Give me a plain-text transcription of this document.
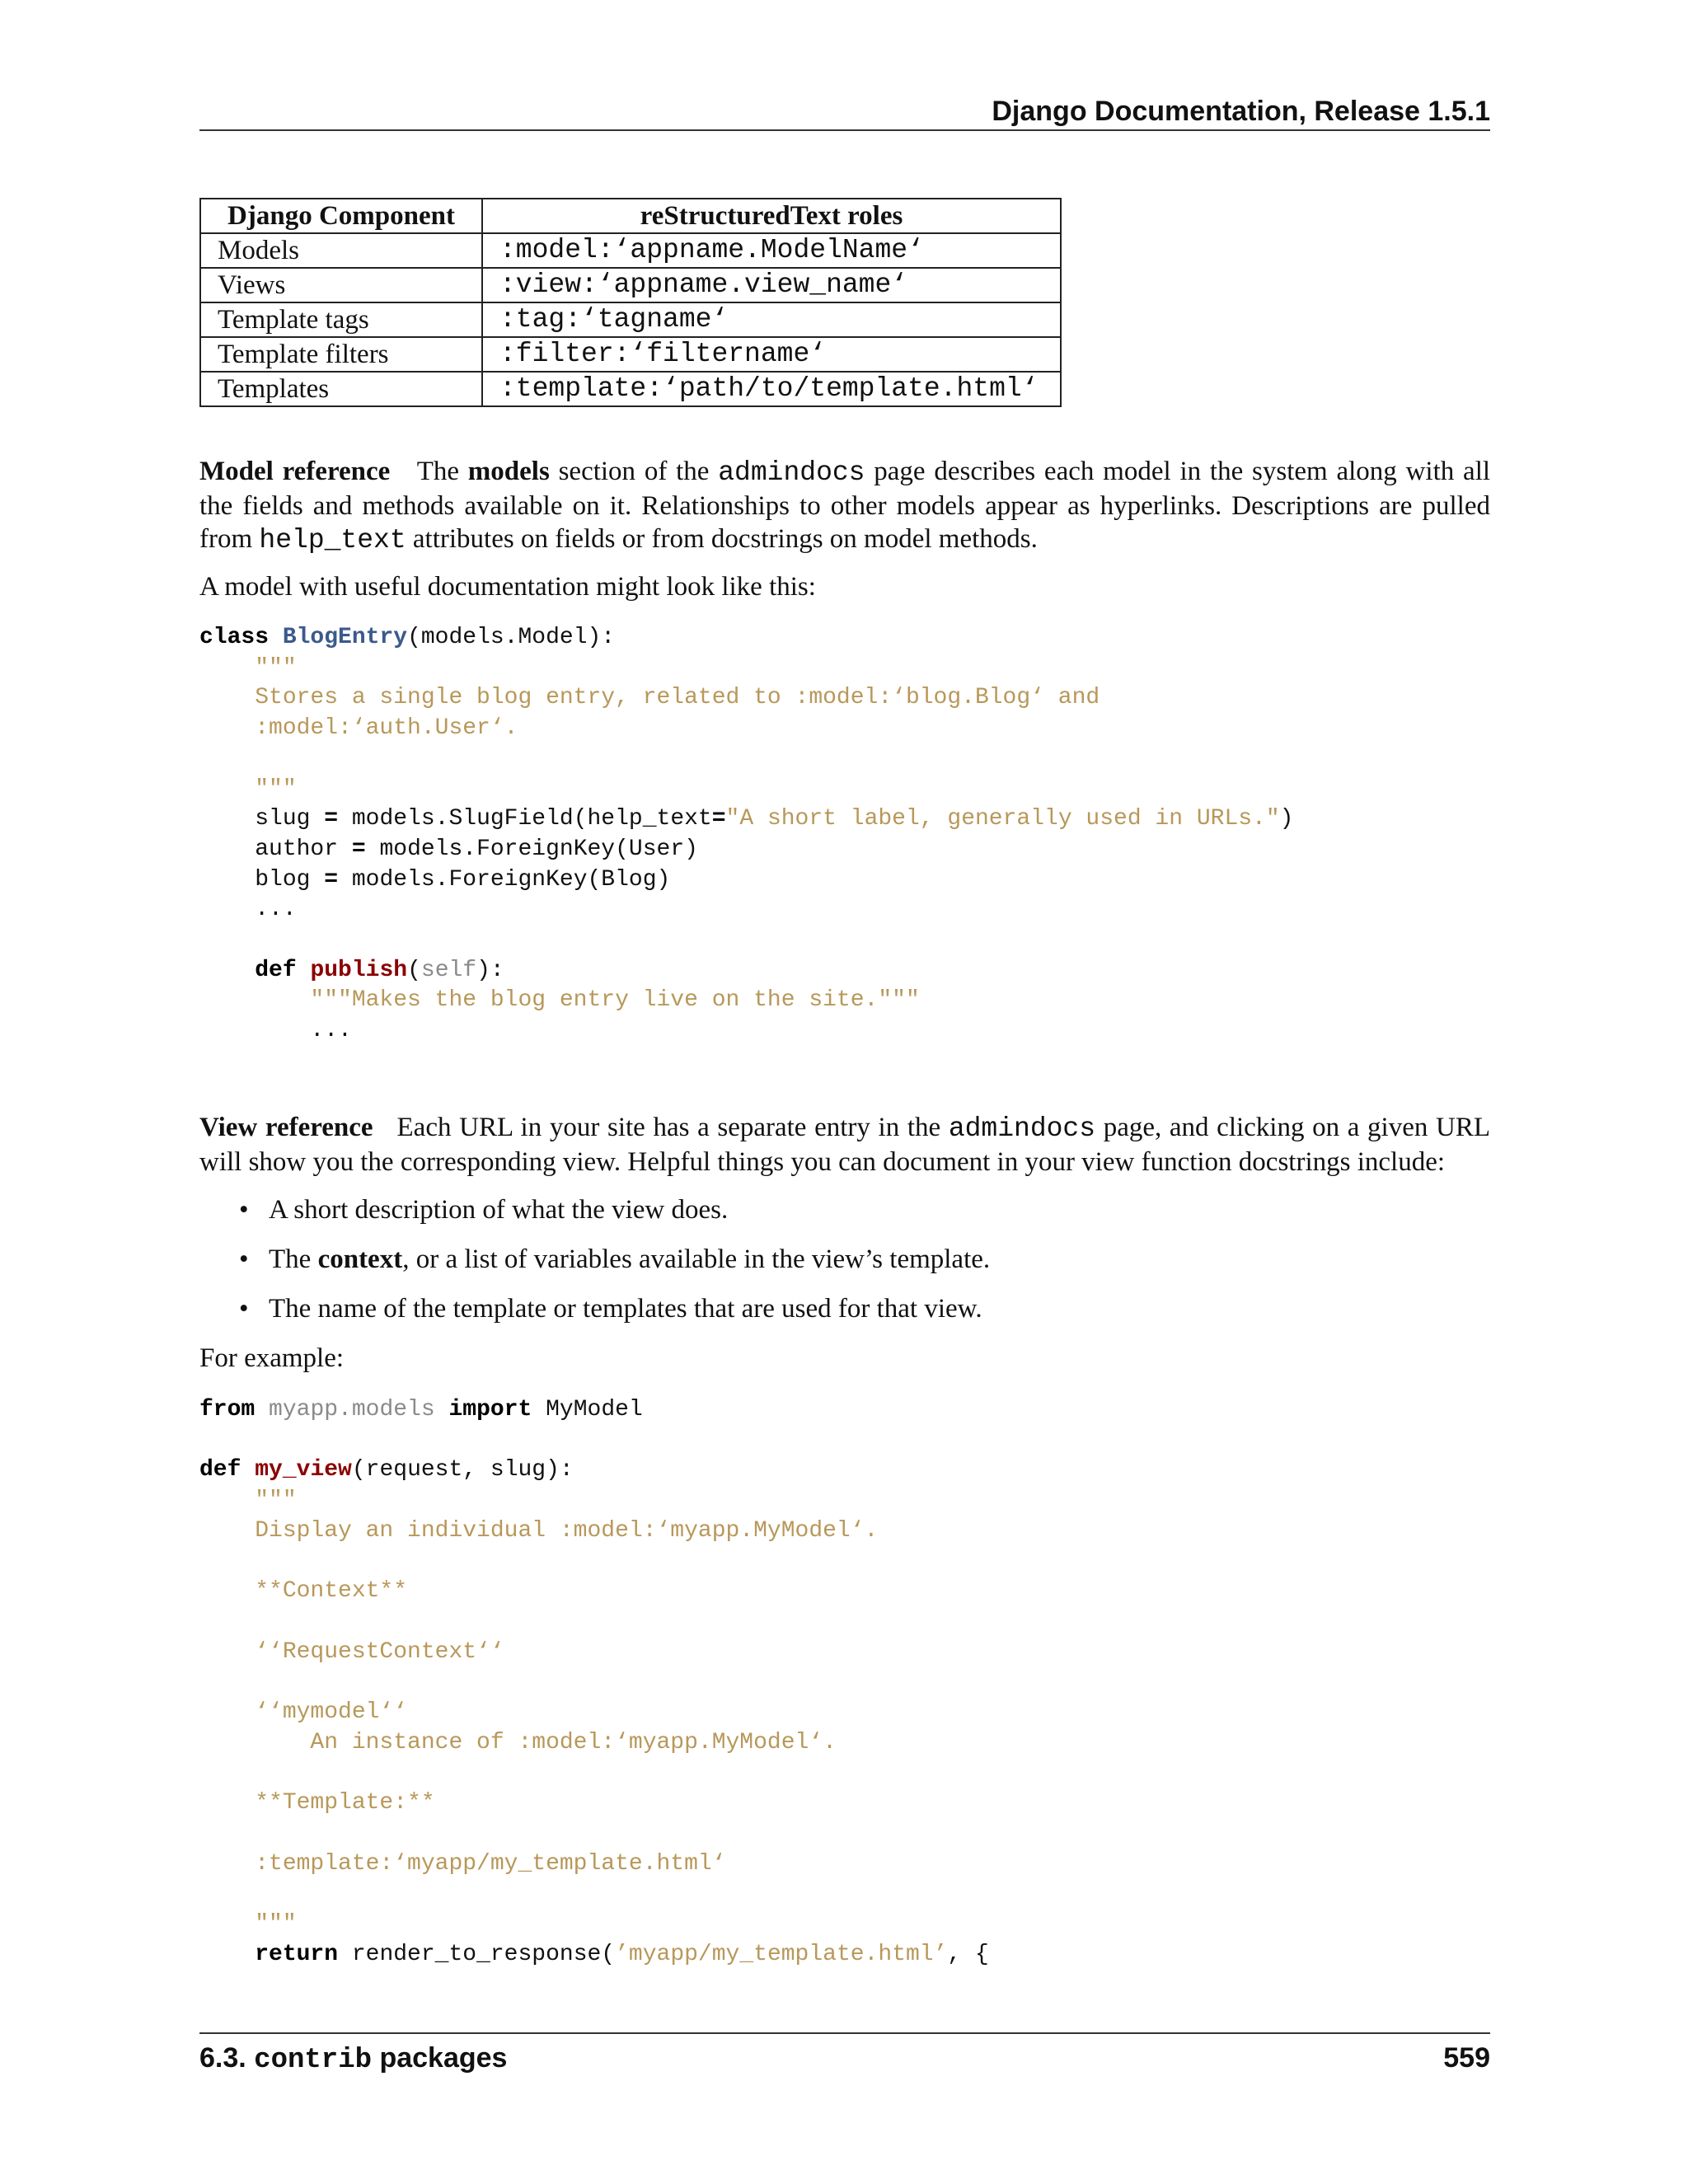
Django Documentation, Release 1.5.1
Django Component	reStructuredText roles
Models	:model:‘appname.ModelName‘
Views	:view:‘appname.view_name‘
Template tags	:tag:‘tagname‘
Template filters	:filter:‘filtername‘
Templates	:template:‘path/to/template.html‘
Model reference The models section of the admindocs page describes each model in the system along with all the fields and methods available on it. Relationships to other models appear as hyperlinks. Descriptions are pulled from help_text attributes on fields or from docstrings on model methods.
A model with useful documentation might look like this:
class BlogEntry(models.Model):
"""
Stores a single blog entry, related to :model:‘blog.Blog‘ and
:model:‘auth.User‘.

"""
slug = models.SlugField(help_text="A short label, generally used in URLs.")
author = models.ForeignKey(User)
blog = models.ForeignKey(Blog)
...

def publish(self):
"""Makes the blog entry live on the site."""
...
View reference Each URL in your site has a separate entry in the admindocs page, and clicking on a given URL will show you the corresponding view. Helpful things you can document in your view function docstrings include:
• A short description of what the view does.
• The context, or a list of variables available in the view’s template.
• The name of the template or templates that are used for that view.
For example:
from myapp.models import MyModel

def my_view(request, slug):
"""
Display an individual :model:‘myapp.MyModel‘.

**Context**

‘‘RequestContext‘‘

‘‘mymodel‘‘
An instance of :model:‘myapp.MyModel‘.

**Template:**

:template:‘myapp/my_template.html‘

"""
return render_to_response(’myapp/my_template.html’, {
6.3. contrib packages	559
